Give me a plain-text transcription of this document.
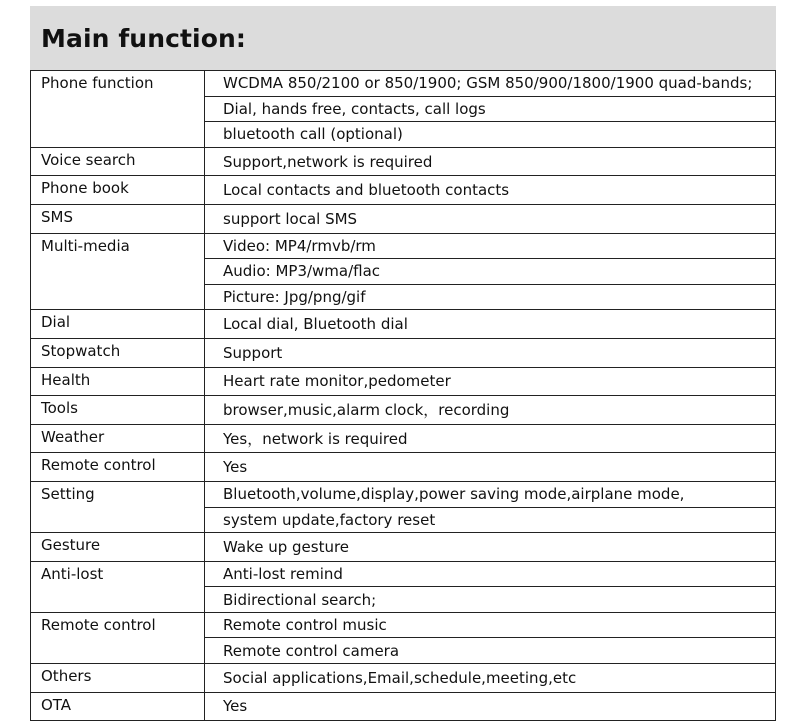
Main function:
Phone function	WCDMA 850/2100 or 850/1900; GSM 850/900/1800/1900 quad-bands;
	Dial, hands free, contacts, call logs
	bluetooth call (optional)
Voice search	Support,network is required
Phone book	Local contacts and bluetooth contacts
SMS	support local SMS
Multi-media	Video: MP4/rmvb/rm
	Audio: MP3/wma/flac
	Picture: Jpg/png/gif
Dial	Local dial, Bluetooth dial
Stopwatch	Support
Health	Heart rate monitor,pedometer
Tools	browser,music,alarm clock，recording
Weather	Yes，network is required
Remote control	Yes
Setting	Bluetooth,volume,display,power saving mode,airplane mode,
	system update,factory reset
Gesture	Wake up gesture
Anti-lost	Anti-lost remind
	Bidirectional search;
Remote control	Remote control music
	Remote control camera
Others	Social applications,Email,schedule,meeting,etc
OTA	Yes
